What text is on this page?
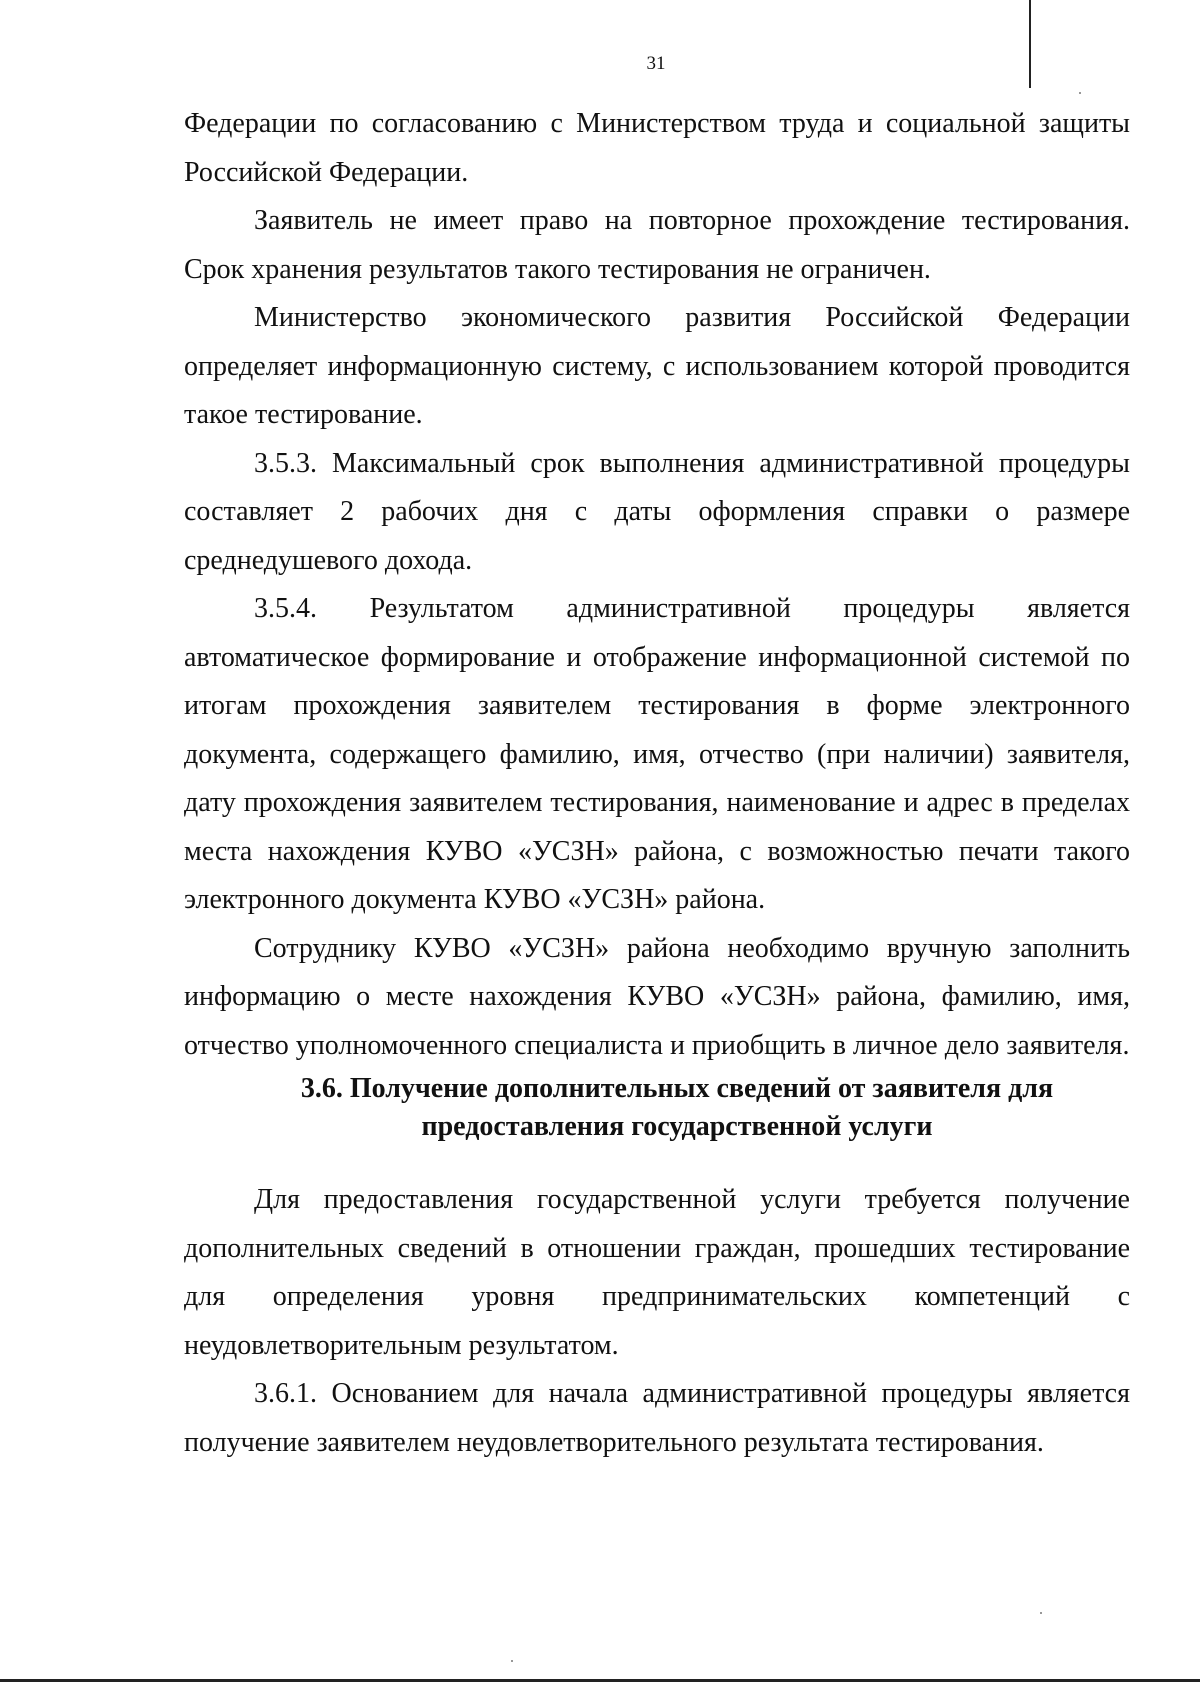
31

Федерации по согласованию с Министерством труда и социальной защиты Российской Федерации.

Заявитель не имеет право на повторное прохождение тестирования. Срок хранения результатов такого тестирования не ограничен.

Министерство экономического развития Российской Федерации определяет информационную систему, с использованием которой проводится такое тестирование.

3.5.3. Максимальный срок выполнения административной процедуры составляет 2 рабочих дня с даты оформления справки о размере среднедушевого дохода.

3.5.4. Результатом административной процедуры является автоматическое формирование и отображение информационной системой по итогам прохождения заявителем тестирования в форме электронного документа, содержащего фамилию, имя, отчество (при наличии) заявителя, дату прохождения заявителем тестирования, наименование и адрес в пределах места нахождения КУВО «УСЗН» района, с возможностью печати такого электронного документа КУВО «УСЗН» района.

Сотруднику КУВО «УСЗН» района необходимо вручную заполнить информацию о месте нахождения КУВО «УСЗН» района, фамилию, имя, отчество уполномоченного специалиста и приобщить в личное дело заявителя.

3.6. Получение дополнительных сведений от заявителя для
предоставления государственной услуги

Для предоставления государственной услуги требуется получение дополнительных сведений в отношении граждан, прошедших тестирование для определения уровня предпринимательских компетенций с неудовлетворительным результатом.

3.6.1. Основанием для начала административной процедуры является получение заявителем неудовлетворительного результата тестирования.
